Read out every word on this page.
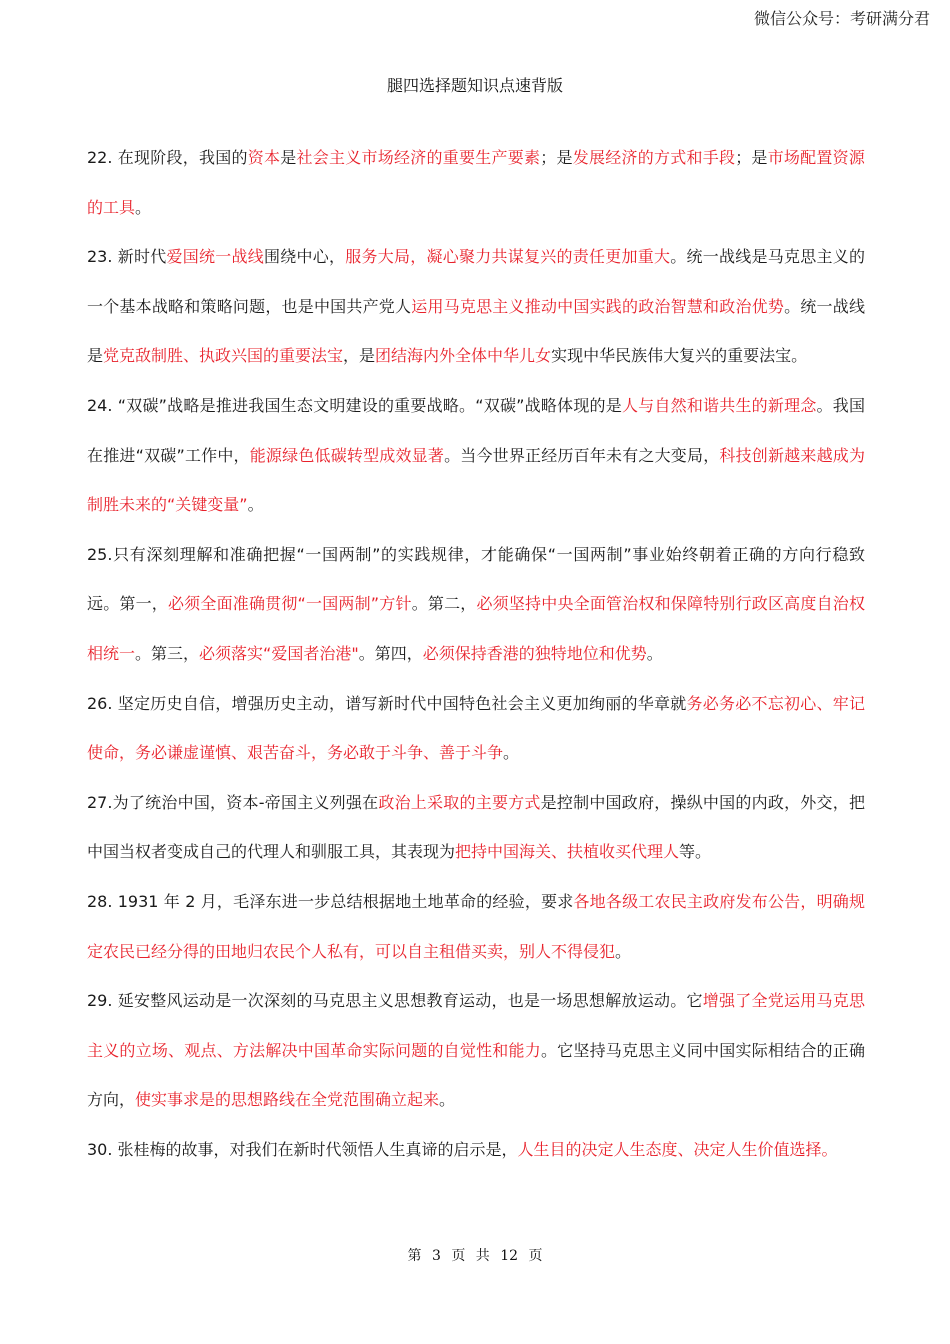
微信公众号：考研满分君
腿四选择题知识点速背版

22. 在现阶段，我国的资本是社会主义市场经济的重要生产要素；是发展经济的方式和手段；是市场配置资源的工具。

23. 新时代爱国统一战线围绕中心，服务大局，凝心聚力共谋复兴的责任更加重大。统一战线是马克思主义的一个基本战略和策略问题，也是中国共产党人运用马克思主义推动中国实践的政治智慧和政治优势。统一战线是党克敌制胜、执政兴国的重要法宝，是团结海内外全体中华儿女实现中华民族伟大复兴的重要法宝。

24. “双碳”战略是推进我国生态文明建设的重要战略。“双碳”战略体现的是人与自然和谐共生的新理念。我国在推进“双碳”工作中，能源绿色低碳转型成效显著。当今世界正经历百年未有之大变局，科技创新越来越成为制胜未来的“关键变量”。

25.只有深刻理解和准确把握“一国两制”的实践规律，才能确保“一国两制”事业始终朝着正确的方向行稳致远。第一，必须全面准确贯彻“一国两制”方针。第二，必须坚持中央全面管治权和保障特别行政区高度自治权相统一。第三，必须落实“爱国者治港"。第四，必须保持香港的独特地位和优势。

26. 坚定历史自信，增强历史主动，谱写新时代中国特色社会主义更加绚丽的华章就务必务必不忘初心、牢记使命，务必谦虚谨慎、艰苦奋斗，务必敢于斗争、善于斗争。

27.为了统治中国，资本-帝国主义列强在政治上采取的主要方式是控制中国政府，操纵中国的内政，外交，把中国当权者变成自己的代理人和驯服工具，其表现为把持中国海关、扶植收买代理人等。

28. 1931 年 2 月，毛泽东进一步总结根据地土地革命的经验，要求各地各级工农民主政府发布公告，明确规定农民已经分得的田地归农民个人私有，可以自主租借买卖，别人不得侵犯。

29. 延安整风运动是一次深刻的马克思主义思想教育运动，也是一场思想解放运动。它增强了全党运用马克思主义的立场、观点、方法解决中国革命实际问题的自觉性和能力。它坚持马克思主义同中国实际相结合的正确方向，使实事求是的思想路线在全党范围确立起来。

30. 张桂梅的故事，对我们在新时代领悟人生真谛的启示是，人生目的决定人生态度、决定人生价值选择。

第 3 页 共 12 页
